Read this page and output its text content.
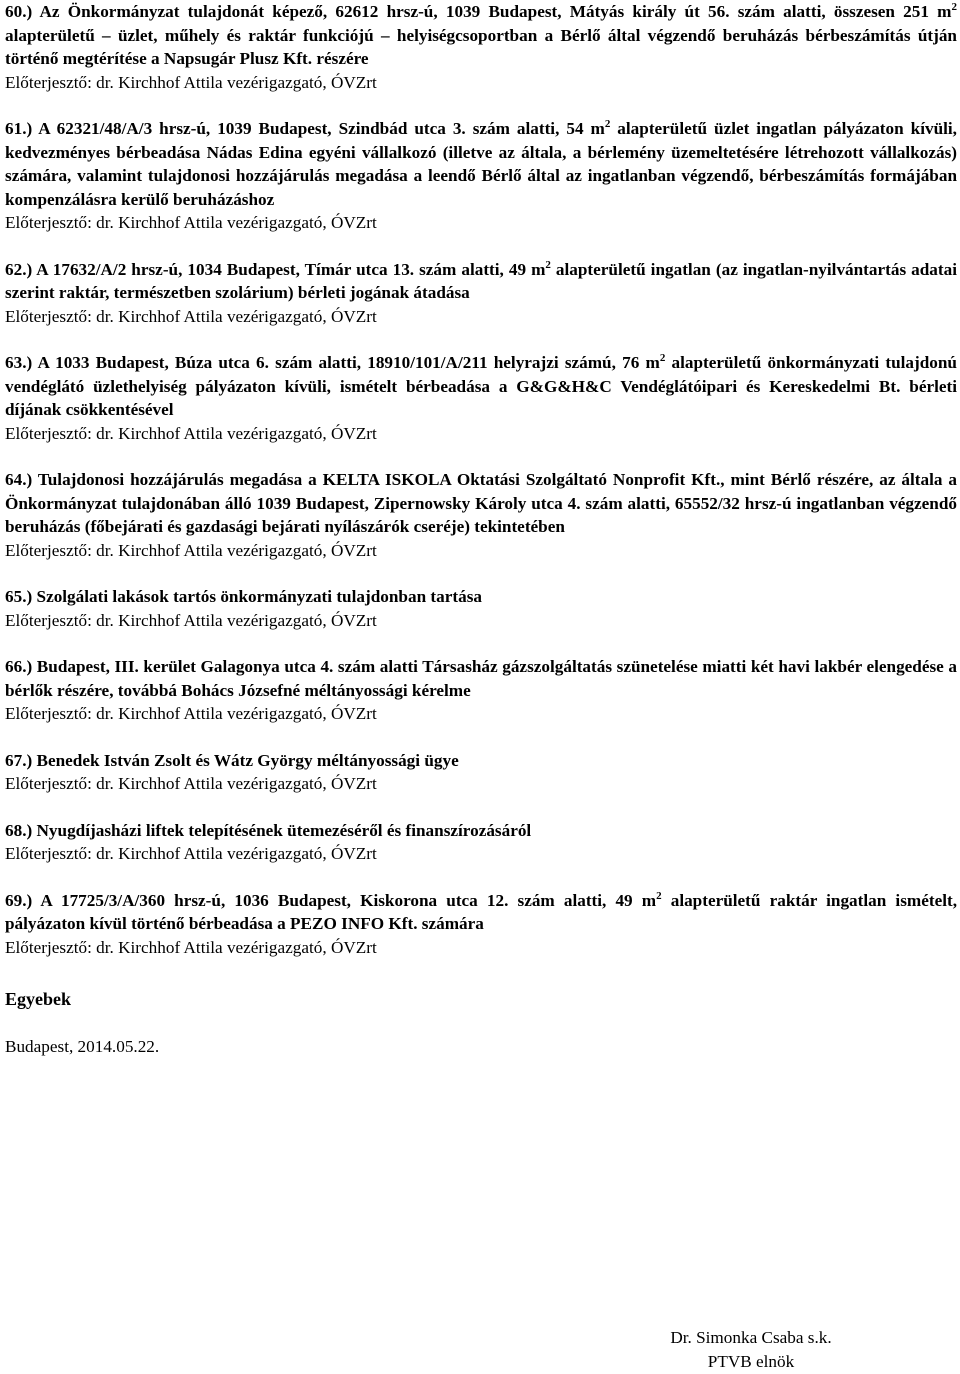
60.) Az Önkormányzat tulajdonát képező, 62612 hrsz-ú, 1039 Budapest, Mátyás király út 56. szám alatti, összesen 251 $m^2$ alapterületű – üzlet, műhely és raktár funkciójú – helyiségcsoportban a Bérlő által végzendő beruházás bérbeszámítás útján történő megtérítése a Napsugár Plusz Kft. részére

Előterjesztő: dr. Kirchhof Attila vezérigazgató, ÓVZrt

61.) A 62321/48/A/3 hrsz-ú, 1039 Budapest, Szindbád utca 3. szám alatti, 54 $m^2$ alapterületű üzlet ingatlan pályázaton kívüli, kedvezményes bérbeadása Nádas Edina egyéni vállalkozó (illetve az általa, a bérlemény üzemeltetésére létrehozott vállalkozás) számára, valamint tulajdonosi hozzájárulás megadása a leendő Bérlő által az ingatlanban végzendő, bérbeszámítás formájában kompenzálásra kerülő beruházáshoz

Előterjesztő: dr. Kirchhof Attila vezérigazgató, ÓVZrt

62.) A 17632/A/2 hrsz-ú, 1034 Budapest, Tímár utca 13. szám alatti, 49 $m^2$ alapterületű ingatlan (az ingatlan-nyilvántartás adatai szerint raktár, természetben szolárium) bérleti jogának átadása

Előterjesztő: dr. Kirchhof Attila vezérigazgató, ÓVZrt

63.) A 1033 Budapest, Búza utca 6. szám alatti, 18910/101/A/211 helyrajzi számú, 76 $m^2$ alapterületű önkormányzati tulajdonú vendéglátó üzlethelyiség pályázaton kívüli, ismételt bérbeadása a G&G&H&C Vendéglátóipari és Kereskedelmi Bt. bérleti díjának csökkentésével

Előterjesztő: dr. Kirchhof Attila vezérigazgató, ÓVZrt

64.) Tulajdonosi hozzájárulás megadása a KELTA ISKOLA Oktatási Szolgáltató Nonprofit Kft., mint Bérlő részére, az általa a Önkormányzat tulajdonában álló 1039 Budapest, Zipernowsky Károly utca 4. szám alatti, 65552/32 hrsz-ú ingatlanban végzendő beruházás (főbejárati és gazdasági bejárati nyílászárók cseréje) tekintetében

Előterjesztő: dr. Kirchhof Attila vezérigazgató, ÓVZrt

65.) Szolgálati lakások tartós önkormányzati tulajdonban tartása

Előterjesztő: dr. Kirchhof Attila vezérigazgató, ÓVZrt

66.) Budapest, III. kerület Galagonya utca 4. szám alatti Társasház gázszolgáltatás szünetelése miatti két havi lakbér elengedése a bérlők részére, továbbá Bohács Józsefné méltányossági kérelme

Előterjesztő: dr. Kirchhof Attila vezérigazgató, ÓVZrt

67.) Benedek István Zsolt és Wátz György méltányossági ügye

Előterjesztő: dr. Kirchhof Attila vezérigazgató, ÓVZrt

68.) Nyugdíjasházi liftek telepítésének ütemezéséről és finanszírozásáról

Előterjesztő: dr. Kirchhof Attila vezérigazgató, ÓVZrt

69.) A 17725/3/A/360 hrsz-ú, 1036 Budapest, Kiskorona utca 12. szám alatti, 49 $m^2$ alapterületű raktár ingatlan ismételt, pályázaton kívül történő bérbeadása a PEZO INFO Kft. számára

Előterjesztő: dr. Kirchhof Attila vezérigazgató, ÓVZrt

Egyebek

Budapest, 2014.05.22.

Dr. Simonka Csaba s.k.
PTVB elnök
